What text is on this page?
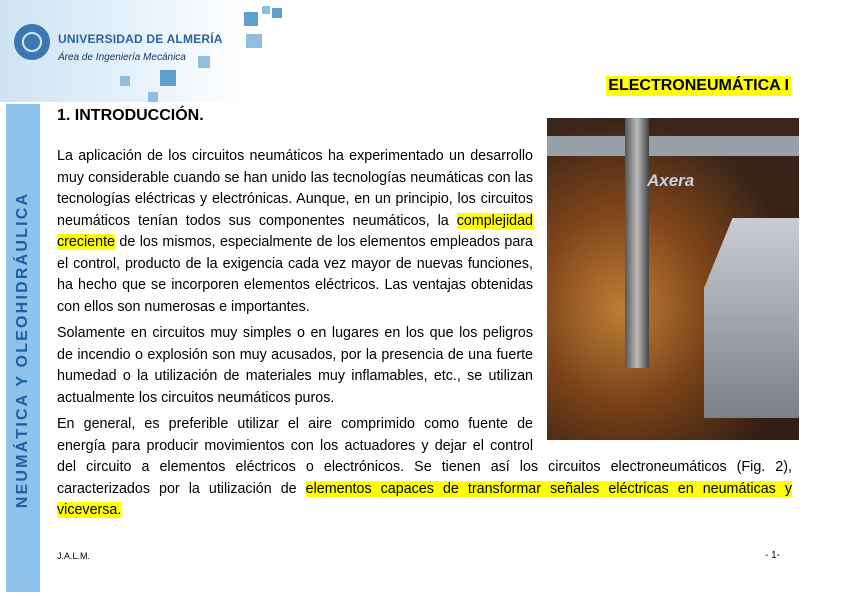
UNIVERSIDAD DE ALMERÍA
Área de Ingeniería Mecánica
NEUMÁTICA Y OLEOHIDRÁULICA
ELECTRONEUMÁTICA I
1. INTRODUCCIÓN.
Axera

La aplicación de los circuitos neumáticos ha experimentado un desarrollo muy considerable cuando se han unido las tecnologías neumáticas con las tecnologías eléctricas y electrónicas. Aunque, en un principio, los circuitos neumáticos tenían todos sus componentes neumáticos, la complejidad creciente de los mismos, especialmente de los elementos empleados para el control, producto de la exigencia cada vez mayor de nuevas funciones, ha hecho que se incorporen elementos eléctricos. Las ventajas obtenidas con ellos son numerosas e importantes.

Solamente en circuitos muy simples o en lugares en los que los peligros de incendio o explosión son muy acusados, por la presencia de una fuerte humedad o la utilización de materiales muy inflamables, etc., se utilizan actualmente los circuitos neumáticos puros.

En general, es preferible utilizar el aire comprimido como fuente de energía para producir movimientos con los actuadores y dejar el control del circuito a elementos eléctricos o electrónicos. Se tienen así los circuitos electroneumáticos (Fig. 2), caracterizados por la utilización de elementos capaces de transformar señales eléctricas en neumáticas y viceversa.

J.A.L.M.	- 1-
